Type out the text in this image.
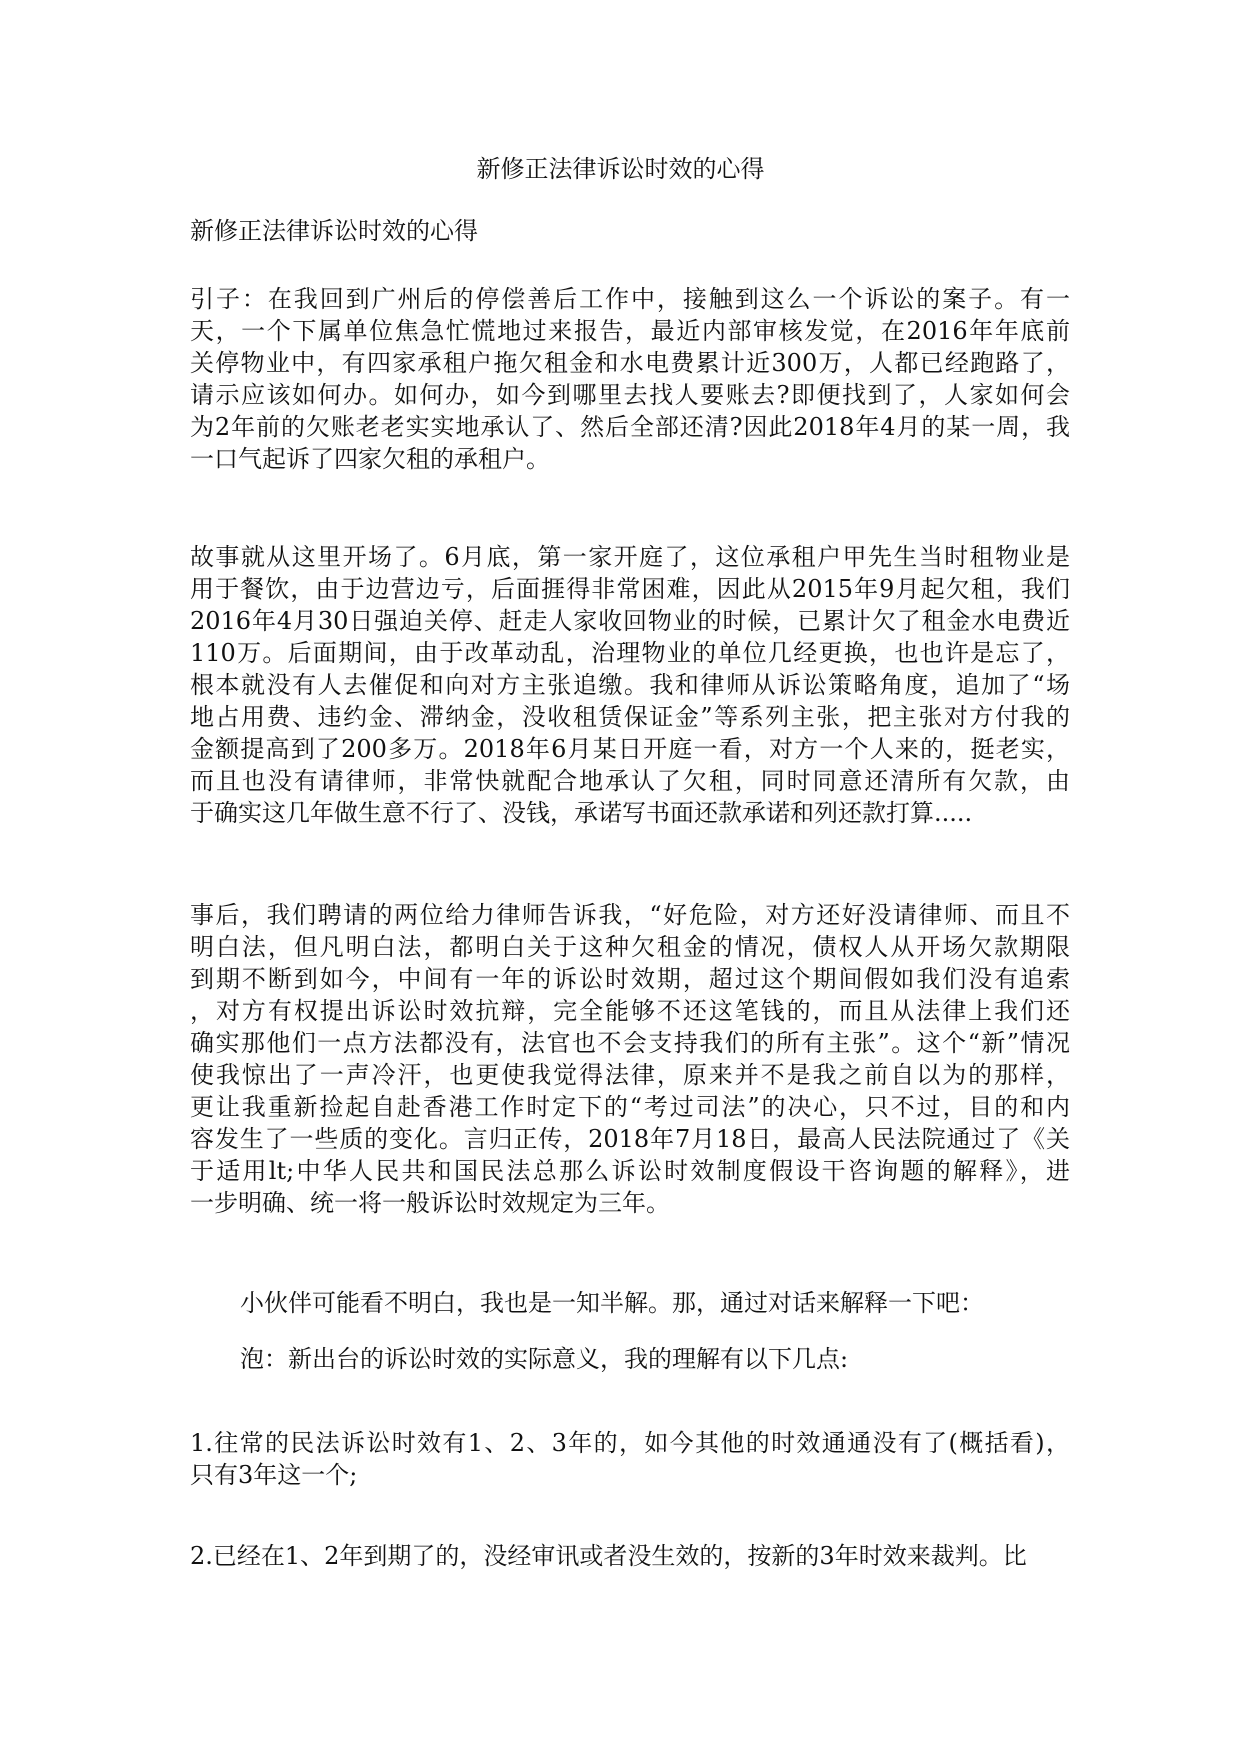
新修正法律诉讼时效的心得
新修正法律诉讼时效的心得
引子：在我回到广州后的停偿善后工作中，接触到这么一个诉讼的案子。有一
天，一个下属单位焦急忙慌地过来报告，最近内部审核发觉，在2016年年底前
关停物业中，有四家承租户拖欠租金和水电费累计近300万，人都已经跑路了，
请示应该如何办。如何办，如今到哪里去找人要账去?即便找到了，人家如何会
为2年前的欠账老老实实地承认了、然后全部还清?因此2018年4月的某一周，我
一口气起诉了四家欠租的承租户。
故事就从这里开场了。6月底，第一家开庭了，这位承租户甲先生当时租物业是
用于餐饮，由于边营边亏，后面捱得非常困难，因此从2015年9月起欠租，我们
2016年4月30日强迫关停、赶走人家收回物业的时候，已累计欠了租金水电费近
110万。后面期间，由于改革动乱，治理物业的单位几经更换，也也许是忘了，
根本就没有人去催促和向对方主张追缴。我和律师从诉讼策略角度，追加了“场
地占用费、违约金、滞纳金，没收租赁保证金”等系列主张，把主张对方付我的
金额提高到了200多万。2018年6月某日开庭一看，对方一个人来的，挺老实，
而且也没有请律师，非常快就配合地承认了欠租，同时同意还清所有欠款，由
于确实这几年做生意不行了、没钱，承诺写书面还款承诺和列还款打算.....
事后，我们聘请的两位给力律师告诉我，“好危险，对方还好没请律师、而且不
明白法，但凡明白法，都明白关于这种欠租金的情况，债权人从开场欠款期限
到期不断到如今，中间有一年的诉讼时效期，超过这个期间假如我们没有追索
，对方有权提出诉讼时效抗辩，完全能够不还这笔钱的，而且从法律上我们还
确实那他们一点方法都没有，法官也不会支持我们的所有主张”。这个“新”情况
使我惊出了一声冷汗，也更使我觉得法律，原来并不是我之前自以为的那样，
更让我重新捡起自赴香港工作时定下的“考过司法”的决心，只不过，目的和内
容发生了一些质的变化。言归正传，2018年7月18日，最高人民法院通过了《关
于适用lt;中华人民共和国民法总那么诉讼时效制度假设干咨询题的解释》，进
一步明确、统一将一般诉讼时效规定为三年。
小伙伴可能看不明白，我也是一知半解。那，通过对话来解释一下吧：
泡：新出台的诉讼时效的实际意义，我的理解有以下几点:
1.往常的民法诉讼时效有1、2、3年的，如今其他的时效通通没有了(概括看)，
只有3年这一个;
2.已经在1、2年到期了的，没经审讯或者没生效的，按新的3年时效来裁判。比
